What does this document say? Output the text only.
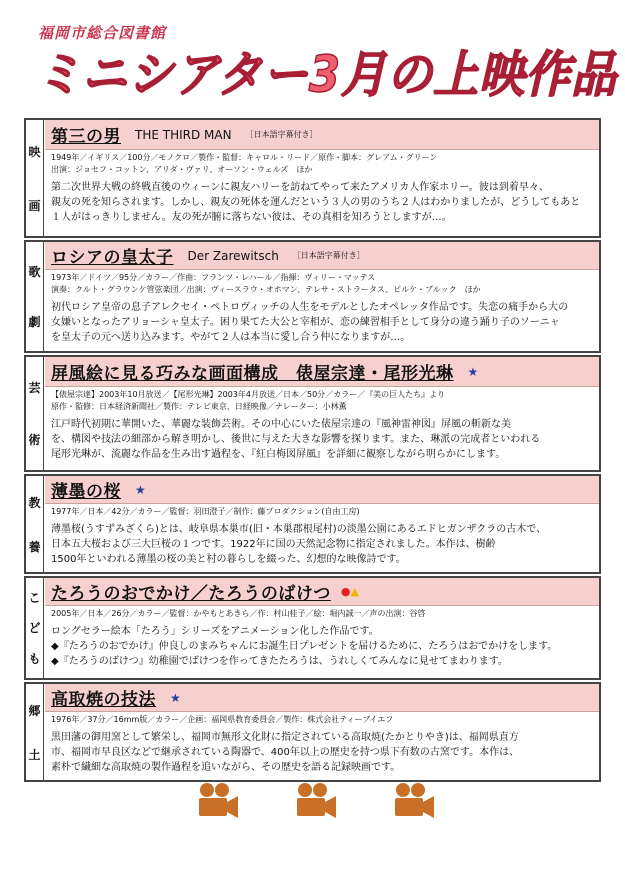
福岡市総合図書館
ミニシアター3月の上映作品
映
画
第三の男 THE THIRD MAN ［日本語字幕付き］
1949年／イギリス／100分／モノクロ／製作・監督：キャロル・リード／原作・脚本：グレアム・グリーン
出演：ジョセフ・コットン、アリダ・ヴァリ、オーソン・ウェルズ　ほか

第二次世界大戦の終戦直後のウィーンに親友ハリーを訪ねてやって来たアメリカ人作家ホリー。彼は到着早々、

親友の死を知らされます。しかし、親友の死体を運んだという３人の男のうち２人はわかりましたが、どうしてもあと

１人がはっきりしません。友の死が腑に落ちない彼は、その真相を知ろうとしますが…。

歌
劇
ロシアの皇太子 Der Zarewitsch ［日本語字幕付き］
1973年／ドイツ／95分／カラー／作曲：フランツ・レハール／指揮：ヴィリー・マッテス
演奏：クルト・グラウンケ管弦楽団／出演：ヴィースラウ・オホマン、テレサ・ストラータス、ビルケ・ブルック　ほか

初代ロシア皇帝の息子アレクセイ・ペトロヴィッチの人生をモデルとしたオペレッタ作品です。失恋の痛手から大の

女嫌いとなったアリョーシャ皇太子。困り果てた大公と宰相が、恋の練習相手として身分の違う踊り子のソーニャ

を皇太子の元へ送り込みます。やがて２人は本当に愛し合う仲になりますが…。

芸
術
屏風絵に見る巧みな画面構成　俵屋宗達・尾形光琳 ★
【俵屋宗達】2003年10月放送／【尾形光琳】2003年4月放送／日本／50分／カラー／『美の巨人たち』より
原作・監修：日本経済新聞社／製作：テレビ東京、日経映像／ナレーター：小林薫

江戸時代初期に華開いた、華麗な装飾芸術。その中心にいた俵屋宗達の『風神雷神図』屏風の斬新な美

を、構図や技法の細部から解き明かし、後世に与えた大きな影響を探ります。また、琳派の完成者といわれる

尾形光琳が、流麗な作品を生み出す過程を、『紅白梅図屏風』を詳細に観察しながら明らかにします。

教
養
薄墨の桜 ★
1977年／日本／42分／カラー／監督：羽田澄子／制作：藤プロダクション(自由工房)

薄墨桜(うすずみざくら)とは、岐阜県本巣市(旧・本巣郡根尾村)の淡墨公園にあるエドヒガンザクラの古木で、

日本五大桜および三大巨桜の１つです。1922年に国の天然記念物に指定されました。本作は、樹齢

1500年といわれる薄墨の桜の美と村の暮らしを綴った、幻想的な映像詩です。

こ
ど
も
たろうのおでかけ／たろうのばけつ ●▲
2005年／日本／26分／カラー／監督：かやもとあきら／作：村山桂子／絵：堀内誠一／声の出演：谷啓

ロングセラー絵本「たろう」シリーズをアニメーション化した作品です。

◆『たろうのおでかけ』仲良しのまみちゃんにお誕生日プレゼントを届けるために、たろうはおでかけをします。

◆『たろうのばけつ』幼稚園でばけつを作ってきたたろうは、うれしくてみんなに見せてまわります。

郷
土
高取焼の技法 ★
1976年／37分／16mm版／カラー／企画：福岡県教育委員会／製作：株式会社ティーブイエフ

黒田藩の御用窯として繁栄し、福岡市無形文化財に指定されている高取焼(たかとりやき)は、福岡県直方

市、福岡市早良区などで継承されている陶器で、400年以上の歴史を持つ県下有数の古窯です。本作は、

素朴で繊細な高取焼の製作過程を追いながら、その歴史を語る記録映画です。
